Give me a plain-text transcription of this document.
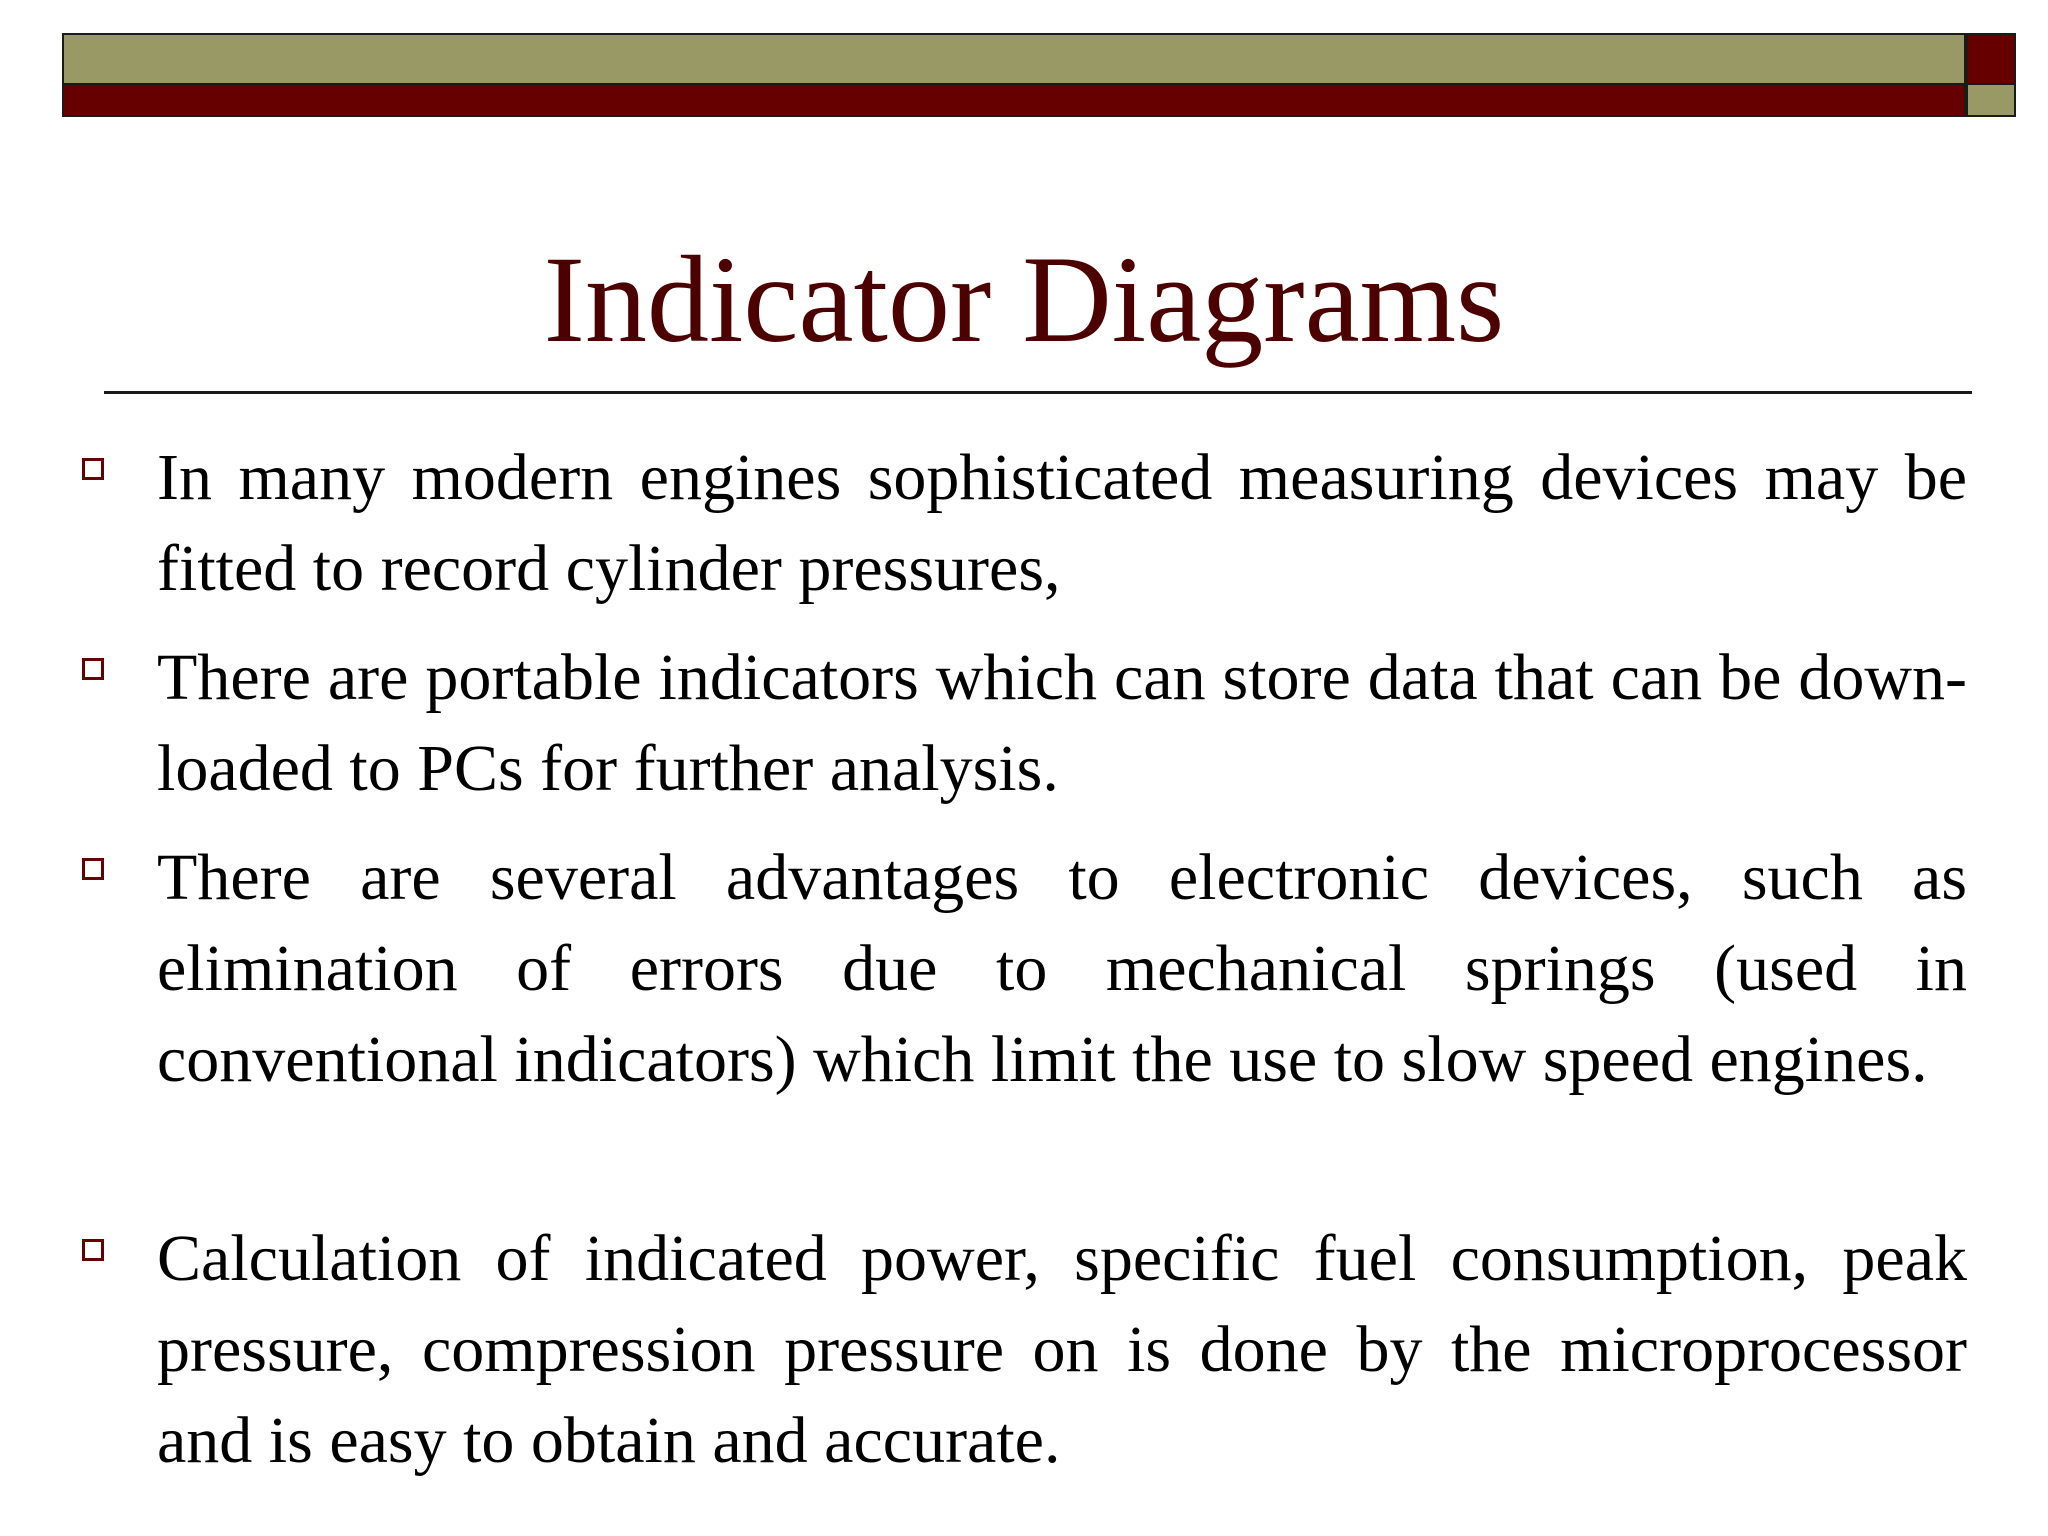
Indicator Diagrams
In many modern engines sophisticated measuring devices may be fitted to record cylinder pressures,
There are portable indicators which can store data that can be down-loaded to PCs for further analysis.
There are several advantages to electronic devices, such as elimination of errors due to mechanical springs (used in conventional indicators) which limit the use to slow speed engines.
Calculation of indicated power, specific fuel consumption, peak pressure, compression pressure on is done by the microprocessor and is easy to obtain and accurate.
